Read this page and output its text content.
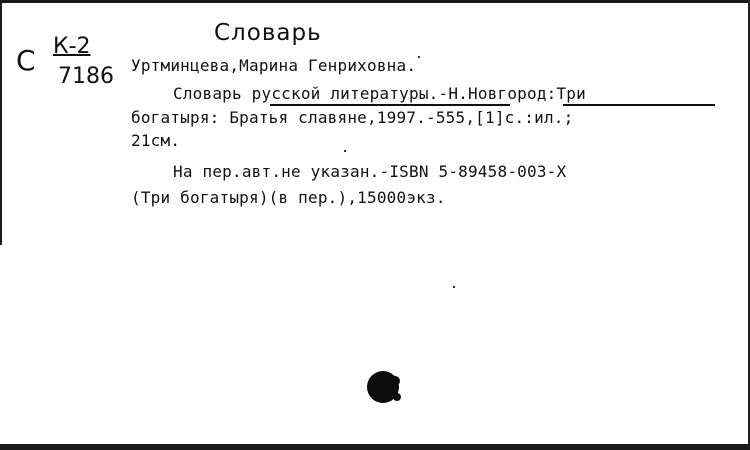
Словарь
С К-2
7186 Уртминцева,Марина Генриховна.
Словарь русской литературы.-Н.Новгород:Три
богатыря: Братья славяне,1997.-555,[1]с.:ил.;
21см.
На пер.авт.не указан.-ISBN 5-89458-003-X
(Три богатыря)(в пер.),15000экз.
